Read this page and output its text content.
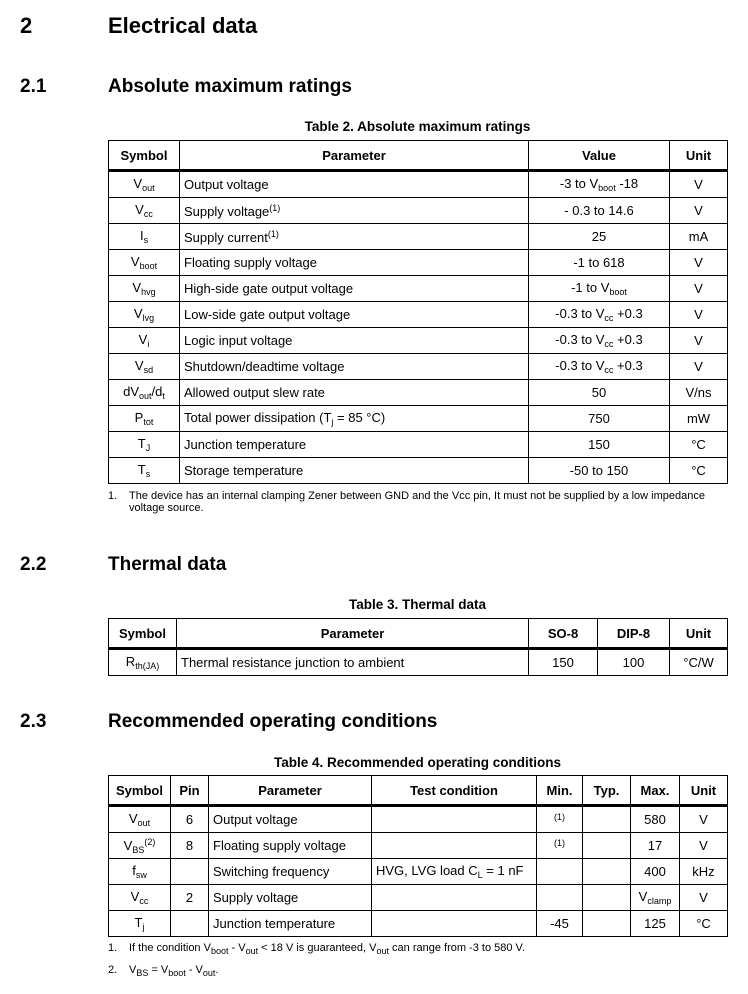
2	Electrical data
2.1	Absolute maximum ratings
Table 2. Absolute maximum ratings
Symbol	Parameter	Value	Unit
$V_{out}$	Output voltage	-3 to $V_{boot}$ -18	V
$V_{cc}$	Supply voltage$^{(1)}$	- 0.3 to 14.6	V
$I_s$	Supply current$^{(1)}$	25	mA
$V_{boot}$	Floating supply voltage	-1 to 618	V
$V_{hvg}$	High-side gate output voltage	-1 to $V_{boot}$	V
$V_{lvg}$	Low-side gate output voltage	-0.3 to $V_{cc} +0.3$	V
$V_i$	Logic input voltage	-0.3 to $V_{cc} +0.3$	V
$V_{sd}$	Shutdown/deadtime voltage	-0.3 to $V_{cc} +0.3$	V
$dV_{out}/d_t$	Allowed output slew rate	50	V/ns
$P_{tot}$	Total power dissipation ($T_j = 85$ °C)	750	mW
$T_J$	Junction temperature	150	°C
$T_s$	Storage temperature	-50 to 150	°C
1. The device has an internal clamping Zener between GND and the Vcc pin, It must not be supplied by a low impedance voltage source.
2.2	Thermal data
Table 3. Thermal data
Symbol	Parameter	SO-8	DIP-8	Unit
$R_{th(JA)}$	Thermal resistance junction to ambient	150	100	°C/W
2.3	Recommended operating conditions
Table 4. Recommended operating conditions
Symbol	Pin	Parameter	Test condition	Min.	Typ.	Max.	Unit
$V_{out}$	6	Output voltage		$^{(1)}$		580	V
$V_{BS}^{(2)}$	8	Floating supply voltage		$^{(1)}$		17	V
$f_{sw}$		Switching frequency	HVG, LVG load $C_L = 1$ nF			400	kHz
$V_{cc}$	2	Supply voltage				$V_{clamp}$	V
$T_j$		Junction temperature		-45		125	°C
1. If the condition $V_{boot} - V_{out} < 18$ V is guaranteed, $V_{out}$ can range from -3 to 580 V.
2. $V_{BS} = V_{boot} - V_{out}$.
